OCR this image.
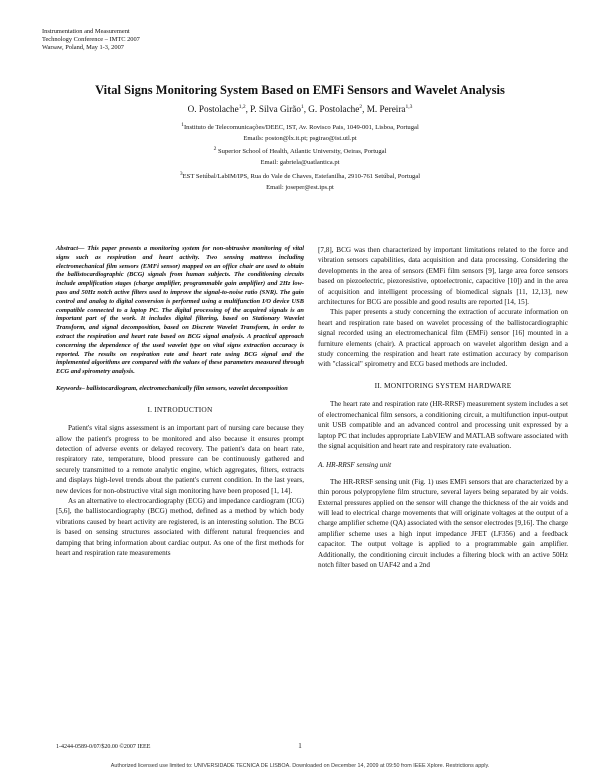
Instrumentation and Measurement
Technology Conference – IMTC 2007
Warsaw, Poland, May 1-3, 2007
Vital Signs Monitoring System Based on EMFi Sensors and Wavelet Analysis
O. Postolache$^{1,2}$, P. Silva Girão$^1$, G. Postolache$^2$, M. Pereira$^{1,3}$
$^1$Instituto de Telecomunicações/DEEC, IST, Av. Rovisco Pais, 1049-001, Lisboa, Portugal
Emails: poston@lx.it.pt; psgirao@ist.utl.pt
$^2$ Superior School of Health, Atlantic University, Oeiras, Portugal
Email: gabriela@uatlantica.pt
$^3$EST Setúbal/LabIM/IPS, Rua do Vale de Chaves, Estefanilha, 2910-761 Setúbal, Portugal
Email: joseper@est.ips.pt
Abstract— This paper presents a monitoring system for non-obtrusive monitoring of vital signs such as respiration and heart activity. Two sensing mattress including electromechanical film sensors (EMFi sensor) mapped on an office chair are used to obtain the ballistocardiographic (BCG) signals from human subjects. The conditioning circuits include amplification stages (charge amplifier, programmable gain amplifier) and 2Hz low-pass and 50Hz notch active filters used to improve the signal-to-noise ratio (SNR). The gain control and analog to digital conversion is performed using a multifunction I/O device USB compatible connected to a laptop PC. The digital processing of the acquired signals is an important part of the work. It includes digital filtering, based on Stationary Wavelet Transform, and signal decomposition, based on Discrete Wavelet Transform, in order to extract the respiration and heart rate based on BCG signal analysis. A practical approach concerning the dependence of the used wavelet type on vital signs extraction accuracy is reported. The results on respiration rate and heart rate using BCG signal and the implemented algorithms are compared with the values of these parameters measured through ECG and spirometry analysis.
Keywords– ballistocardiogram, electromechanically film sensors, wavelet decomposition
I. INTRODUCTION

Patient's vital signs assessment is an important part of nursing care because they allow the patient's progress to be monitored and also because it ensures prompt detection of adverse events or delayed recovery. The patient's data on heart rate, respiratory rate, temperature, blood pressure can be continuously gathered and securely transmitted to a remote analytic engine, which aggregates, filters, extracts and displays high-level trends about the patient's current condition. In the last years, new devices for non-obstructive vital sign monitoring have been proposed [1, 14].

As an alternative to electrocardiography (ECG) and impedance cardiogram (ICG) [5,6], the ballistocardiography (BCG) method, defined as a method by which body vibrations caused by heart activity are registered, is an interesting solution. The BCG is based on sensing structures associated with different natural frequencies and damping that bring information about cardiac output. As one of the first methods for heart and respiration rate measurements

[7,8], BCG was then characterized by important limitations related to the force and vibration sensors capabilities, data acquisition and data processing. Considering the developments in the area of sensors (EMFi film sensors [9], large area force sensors based on piezoelectric, piezoresistive, optoelectronic, capacitive [10]) and in the area of acquisition and intelligent processing of biomedical signals [11, 12,13], new architectures for BCG are possible and good results are reported [14, 15].

This paper presents a study concerning the extraction of accurate information on heart and respiration rate based on wavelet processing of the ballistocardiographic signal recorded using an electromechanical film (EMFi) sensor [16] mounted in a furniture elements (chair). A practical approach on wavelet algorithm design and a study concerning the respiration and heart rate estimation accuracy by comparison with "classical" spirometry and ECG based methods are included.

II. MONITORING SYSTEM HARDWARE

The heart rate and respiration rate (HR-RRSF) measurement system includes a set of electromechanical film sensors, a conditioning circuit, a multifunction input-output unit USB compatible and an advanced control and processing unit expressed by a laptop PC that includes appropriate LabVIEW and MATLAB software associated with the signal acquisition and heart rate and respiratory rate evaluation.

A. HR-RRSF sensing unit

The HR-RRSF sensing unit (Fig. 1) uses EMFi sensors that are characterized by a thin porous polypropylene film structure, several layers being separated by air voids. External pressures applied on the sensor will change the thickness of the air voids and will lead to electrical charge movements that will originate voltages at the output of a charge amplifier scheme (QA) associated with the sensor electrodes [9,16]. The charge amplifier scheme uses a high input impedance JFET (LF356) and a feedback capacitor. The output voltage is applied to a programmable gain amplifier. Additionally, the conditioning circuit includes a filtering block with an active 50Hz notch filter based on UAF42 and a 2nd

1-4244-0589-0/07/$20.00 ©2007 IEEE	1
Authorized licensed use limited to: UNIVERSIDADE TECNICA DE LISBOA. Downloaded on December 14, 2009 at 09:50 from IEEE Xplore. Restrictions apply.
